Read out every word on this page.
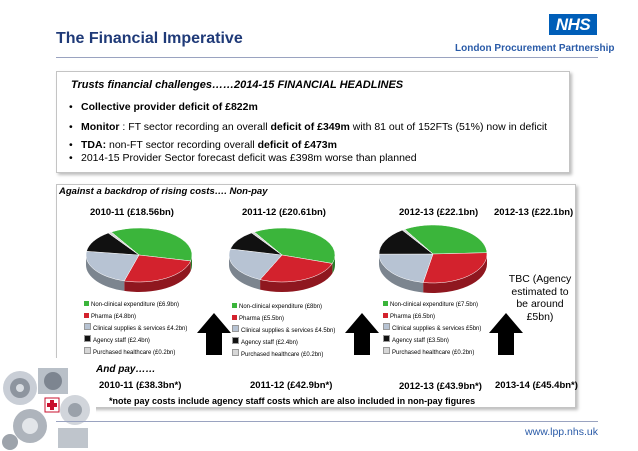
The Financial Imperative
NHS
London Procurement Partnership
Trusts financial challenges……2014-15 FINANCIAL HEADLINES
• Collective provider deficit of £822m
• Monitor : FT sector recording an overall deficit of £349m with 81 out of 152FTs (51%) now in deficit
• TDA: non-FT sector recording overall deficit of £473m
• 2014-15 Provider Sector forecast deficit was £398m worse than planned
Against a backdrop of rising costs…. Non-pay
2010-11 (£18.56bn)	2011-12 (£20.61bn)	2012-13 (£22.1bn) 2012-13 (£22.1bn)
Non-clinical expenditure (£6.9bn)
Pharma (£4.8bn)
Clinical supplies & services £4.2bn)
Agency staff (£2.4bn)
Purchased healthcare (£0.2bn)
Non-clinical expenditure (£8bn)
Pharma (£5.5bn)
Clinical supplies & services £4.5bn)
Agency staff (£2.4bn)
Purchased healthcare (£0.2bn)
Non-clinical expenditure (£7.5bn)
Pharma (£6.5bn)
Clinical supplies & services £5bn)
Agency staff (£3.5bn)
Purchased healthcare (£0.2bn)
TBC (Agency estimated to be around £5bn)
And pay……
2010-11 (£38.3bn*)	2011-12 (£42.9bn*)	2012-13 (£43.9bn*) 2013-14 (£45.4bn*)
*note pay costs include agency staff costs which are also included in non-pay figures
www.lpp.nhs.uk
